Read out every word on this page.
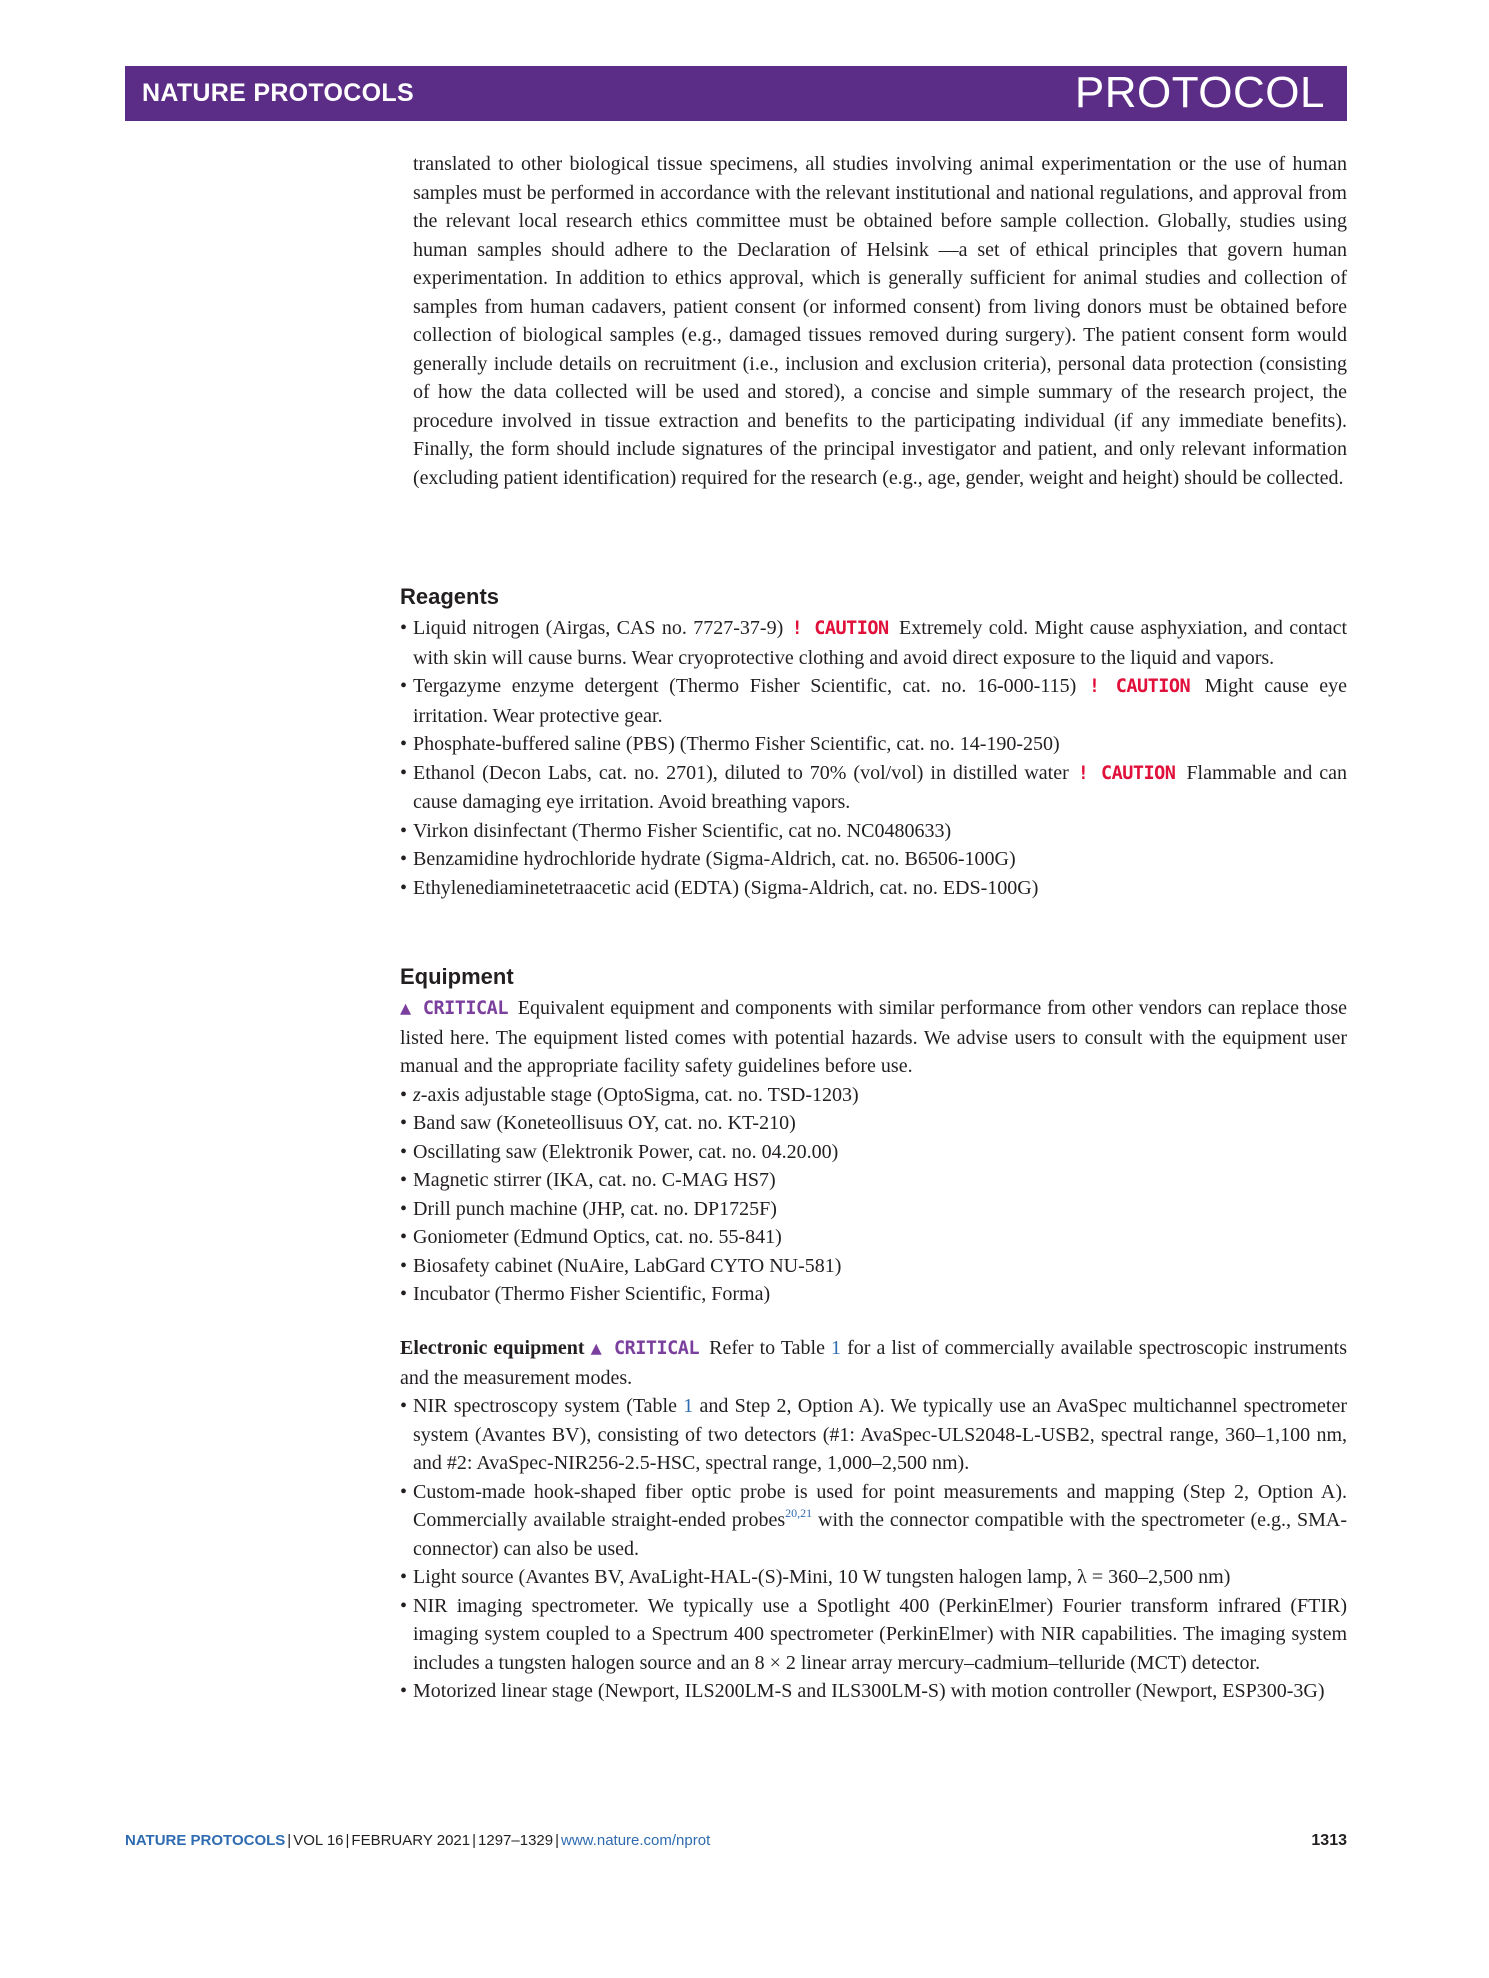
NATURE PROTOCOLS	PROTOCOL
translated to other biological tissue specimens, all studies involving animal experimentation or the use of human samples must be performed in accordance with the relevant institutional and national regulations, and approval from the relevant local research ethics committee must be obtained before sample collection. Globally, studies using human samples should adhere to the Declaration of Helsink —a set of ethical principles that govern human experimentation. In addition to ethics approval, which is generally sufficient for animal studies and collection of samples from human cadavers, patient consent (or informed consent) from living donors must be obtained before collection of biological samples (e.g., damaged tissues removed during surgery). The patient consent form would generally include details on recruitment (i.e., inclusion and exclusion criteria), personal data protection (consisting of how the data collected will be used and stored), a concise and simple summary of the research project, the procedure involved in tissue extraction and benefits to the participating individual (if any immediate benefits). Finally, the form should include signatures of the principal investigator and patient, and only relevant information (excluding patient identification) required for the research (e.g., age, gender, weight and height) should be collected.
Reagents
• Liquid nitrogen (Airgas, CAS no. 7727-37-9) ! CAUTION Extremely cold. Might cause asphyxiation, and contact with skin will cause burns. Wear cryoprotective clothing and avoid direct exposure to the liquid and vapors.
• Tergazyme enzyme detergent (Thermo Fisher Scientific, cat. no. 16-000-115) ! CAUTION Might cause eye irritation. Wear protective gear.
• Phosphate-buffered saline (PBS) (Thermo Fisher Scientific, cat. no. 14-190-250)
• Ethanol (Decon Labs, cat. no. 2701), diluted to 70% (vol/vol) in distilled water ! CAUTION Flammable and can cause damaging eye irritation. Avoid breathing vapors.
• Virkon disinfectant (Thermo Fisher Scientific, cat no. NC0480633)
• Benzamidine hydrochloride hydrate (Sigma-Aldrich, cat. no. B6506-100G)
• Ethylenediaminetetraacetic acid (EDTA) (Sigma-Aldrich, cat. no. EDS-100G)
Equipment
▲ CRITICAL Equivalent equipment and components with similar performance from other vendors can replace those listed here. The equipment listed comes with potential hazards. We advise users to consult with the equipment user manual and the appropriate facility safety guidelines before use.
• z-axis adjustable stage (OptoSigma, cat. no. TSD-1203)
• Band saw (Koneteollisuus OY, cat. no. KT-210)
• Oscillating saw (Elektronik Power, cat. no. 04.20.00)
• Magnetic stirrer (IKA, cat. no. C-MAG HS7)
• Drill punch machine (JHP, cat. no. DP1725F)
• Goniometer (Edmund Optics, cat. no. 55-841)
• Biosafety cabinet (NuAire, LabGard CYTO NU-581)
• Incubator (Thermo Fisher Scientific, Forma)
Electronic equipment ▲ CRITICAL Refer to Table 1 for a list of commercially available spectroscopic instruments and the measurement modes.
• NIR spectroscopy system (Table 1 and Step 2, Option A). We typically use an AvaSpec multichannel spectrometer system (Avantes BV), consisting of two detectors (#1: AvaSpec-ULS2048-L-USB2, spectral range, 360–1,100 nm, and #2: AvaSpec-NIR256-2.5-HSC, spectral range, 1,000–2,500 nm).
• Custom-made hook-shaped fiber optic probe is used for point measurements and mapping (Step 2, Option A). Commercially available straight-ended probes$^{20,21}$ with the connector compatible with the spectrometer (e.g., SMA-connector) can also be used.
• Light source (Avantes BV, AvaLight-HAL-(S)-Mini, 10 W tungsten halogen lamp, λ = 360–2,500 nm)
• NIR imaging spectrometer. We typically use a Spotlight 400 (PerkinElmer) Fourier transform infrared (FTIR) imaging system coupled to a Spectrum 400 spectrometer (PerkinElmer) with NIR capabilities. The imaging system includes a tungsten halogen source and an 8 × 2 linear array mercury–cadmium–telluride (MCT) detector.
• Motorized linear stage (Newport, ILS200LM-S and ILS300LM-S) with motion controller (Newport, ESP300-3G)
NATURE PROTOCOLS | VOL 16 | FEBRUARY 2021 | 1297–1329 | www.nature.com/nprot	1313
